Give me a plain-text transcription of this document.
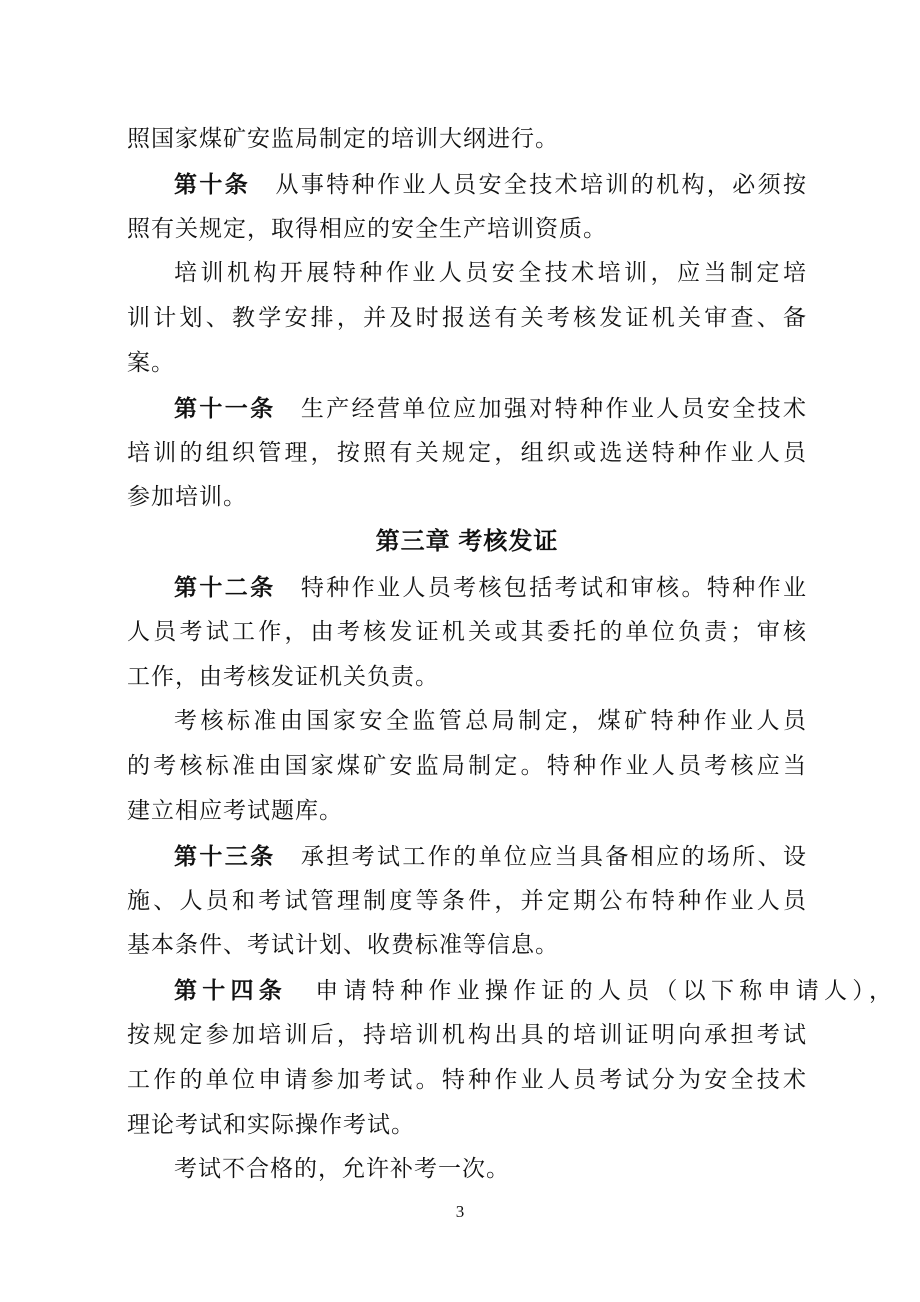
照国家煤矿安监局制定的培训大纲进行。
第十条　从事特种作业人员安全技术培训的机构，必须按
照有关规定，取得相应的安全生产培训资质。
培训机构开展特种作业人员安全技术培训，应当制定培
训计划、教学安排，并及时报送有关考核发证机关审查、备
案。
第十一条　生产经营单位应加强对特种作业人员安全技术
培训的组织管理，按照有关规定，组织或选送特种作业人员
参加培训。
第三章 考核发证
第十二条　特种作业人员考核包括考试和审核。特种作业
人员考试工作，由考核发证机关或其委托的单位负责；审核
工作，由考核发证机关负责。
考核标准由国家安全监管总局制定，煤矿特种作业人员
的考核标准由国家煤矿安监局制定。特种作业人员考核应当
建立相应考试题库。
第十三条　承担考试工作的单位应当具备相应的场所、设
施、人员和考试管理制度等条件，并定期公布特种作业人员
基本条件、考试计划、收费标准等信息。
第十四条　申请特种作业操作证的人员（以下称申请人），
按规定参加培训后，持培训机构出具的培训证明向承担考试
工作的单位申请参加考试。特种作业人员考试分为安全技术
理论考试和实际操作考试。
考试不合格的，允许补考一次。
3
